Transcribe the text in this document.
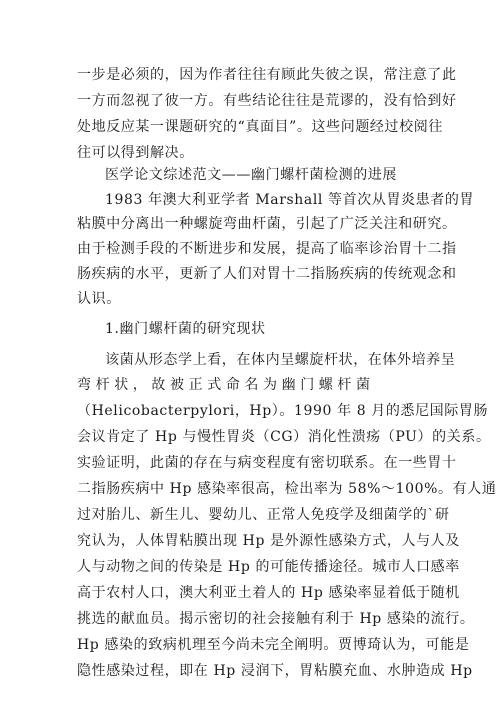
一步是必须的，因为作者往往有顾此失彼之误，常注意了此
一方而忽视了彼一方。有些结论往往是荒谬的，没有恰到好
处地反应某一课题研究的“真面目”。这些问题经过校阅往
往可以得到解决。
医学论文综述范文——幽门螺杆菌检测的进展
1983 年澳大利亚学者 Marshall 等首次从胃炎患者的胃
粘膜中分离出一种螺旋弯曲杆菌，引起了广泛关注和研究。
由于检测手段的不断进步和发展，提高了临率诊治胃十二指
肠疾病的水平，更新了人们对胃十二指肠疾病的传统观念和
认识。
1.幽门螺杆菌的研究现状
该菌从形态学上看，在体内呈螺旋杆状，在体外培养呈
弯杆状，故被正式命名为幽门螺杆菌
（Helicobacterpylori，Hp）。1990 年 8 月的悉尼国际胃肠
会议肯定了 Hp 与慢性胃炎（CG）消化性溃疡（PU）的关系。
实验证明，此菌的存在与病变程度有密切联系。在一些胃十
二指肠疾病中 Hp 感染率很高，检出率为 58%～100%。有人通
过对胎儿、新生儿、婴幼儿、正常人免疫学及细菌学的`研
究认为，人体胃粘膜出现 Hp 是外源性感染方式，人与人及
人与动物之间的传染是 Hp 的可能传播途径。城市人口感率
高于农村人口，澳大利亚土着人的 Hp 感染率显着低于随机
挑选的献血员。揭示密切的社会接触有利于 Hp 感染的流行。
Hp 感染的致病机理至今尚未完全阐明。贾博琦认为，可能是
隐性感染过程，即在 Hp 浸润下，胃粘膜充血、水肿造成 Hp
